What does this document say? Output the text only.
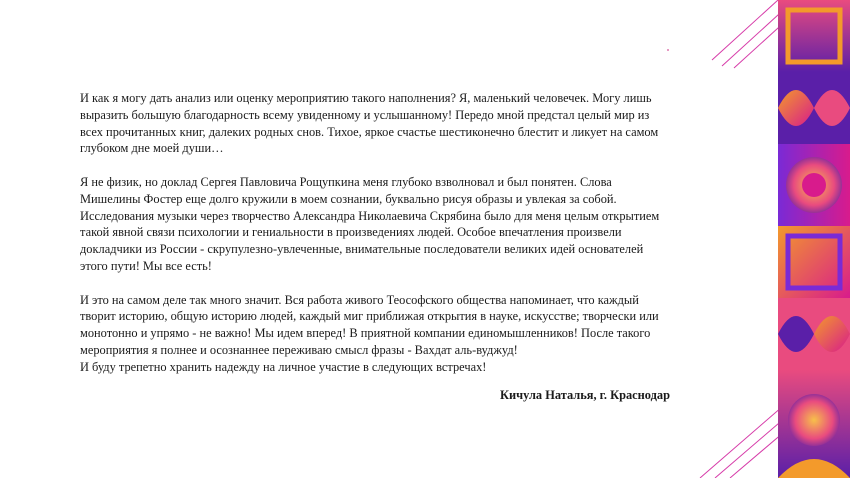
И как я могу дать анализ или оценку мероприятию такого наполнения? Я, маленький человечек. Могу лишь
выразить большую благодарность всему увиденному и услышанному! Передо мной предстал целый мир из
всех прочитанных книг, далеких родных снов. Тихое, яркое счастье шестиконечно блестит и ликует на самом
глубоком дне моей души…

Я не физик, но доклад Сергея Павловича Рощупкина меня глубоко взволновал и был понятен. Слова
Мишелины Фостер еще долго кружили в моем сознании, буквально рисуя образы и увлекая за собой.
Исследования музыки через творчество Александра Николаевича Скрябина было для меня целым открытием
такой явной связи психологии и гениальности в произведениях людей. Особое впечатления произвели
докладчики из России - скрупулезно-увлеченные, внимательные последователи великих идей основателей
этого пути! Мы все есть!

И это на самом деле так много значит. Вся работа живого Теософского общества напоминает, что каждый
творит историю, общую историю людей, каждый миг приближая открытия в науке, искусстве; творчески или
монотонно и упрямо - не важно! Мы идем вперед! В приятной компании единомышленников! После такого
мероприятия я полнее и осознаннее переживаю смысл фразы - Вахдат аль-вуджуд!
И буду трепетно хранить надежду на личное участие в следующих встречах!

Кичула Наталья, г. Краснодар
